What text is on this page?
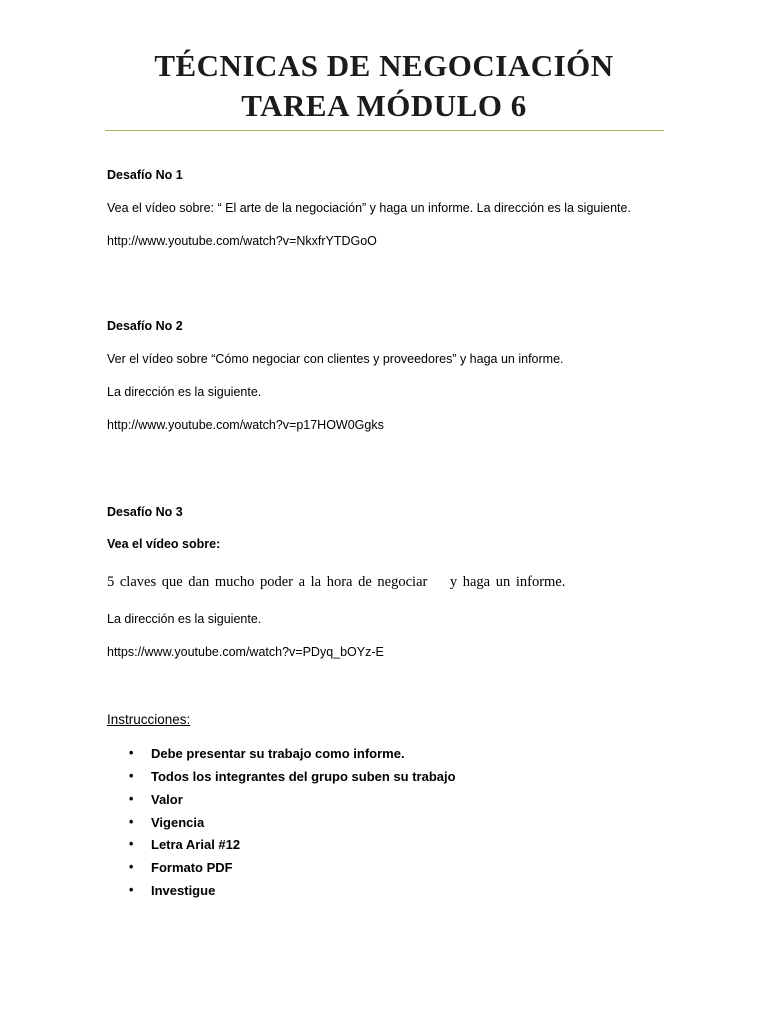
TÉCNICAS DE NEGOCIACIÓN
TAREA MÓDULO 6
Desafío No 1
Vea el vídeo sobre: “ El arte de la negociación” y haga un informe. La dirección es la siguiente.
http://www.youtube.com/watch?v=NkxfrYTDGoO
Desafío No 2
Ver el vídeo sobre “Cómo negociar con clientes y proveedores” y haga un informe.
La dirección es la siguiente.
http://www.youtube.com/watch?v=p17HOW0Ggks
Desafío No 3
Vea el vídeo sobre:
5 claves que dan mucho poder a la hora de negociar    y haga un informe.
La dirección es la siguiente.
https://www.youtube.com/watch?v=PDyq_bOYz-E
Instrucciones:
• Debe presentar su trabajo como informe.
• Todos los integrantes del grupo suben su trabajo
• Valor
• Vigencia
• Letra Arial #12
• Formato PDF
• Investigue
